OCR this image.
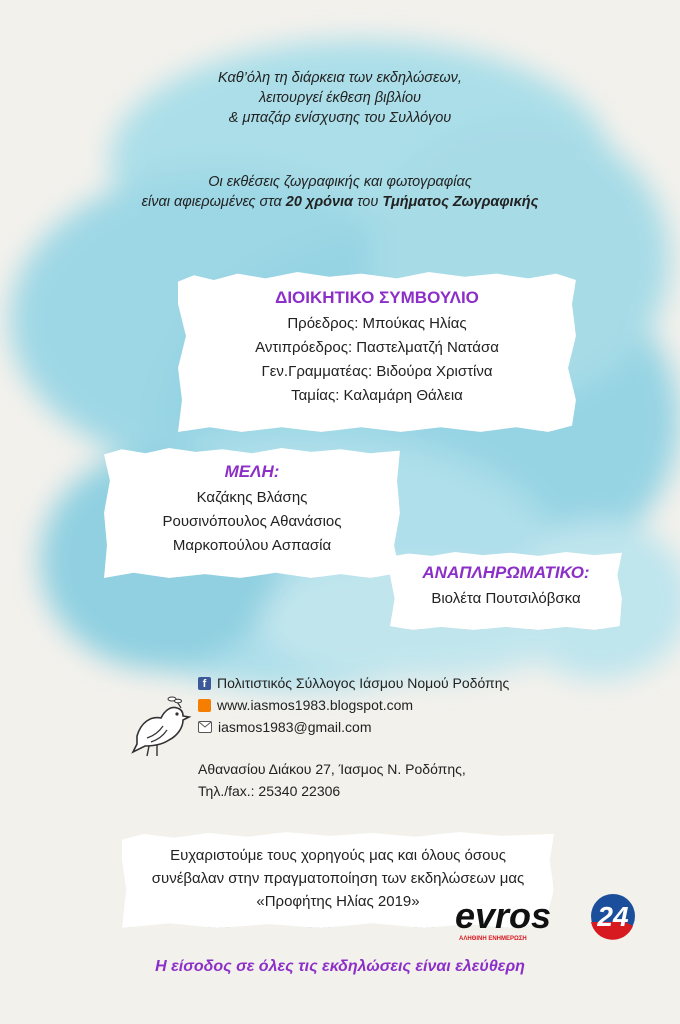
Καθ’όλη τη διάρκεια των εκδηλώσεων,
λειτουργεί έκθεση βιβλίου
& μπαζάρ ενίσχυσης του Συλλόγου
Οι εκθέσεις ζωγραφικής και φωτογραφίας
είναι αφιερωμένες στα 20 χρόνια του Τμήματος Ζωγραφικής
ΔΙΟΙΚΗΤΙΚΟ ΣΥΜΒΟΥΛΙΟ
Πρόεδρος: Μπούκας Ηλίας
Αντιπρόεδρος: Παστελματζή Νατάσα
Γεν.Γραμματέας: Βιδούρα Χριστίνα
Ταμίας: Καλαμάρη Θάλεια
ΜΕΛΗ:
Καζάκης Βλάσης
Ρουσινόπουλος Αθανάσιος
Μαρκοπούλου Ασπασία
ΑΝΑΠΛΗΡΩΜΑΤΙΚΟ:
Βιολέτα Πουτσιλόβσκα
f Πολιτιστικός Σύλλογος Ιάσμου Νομού Ροδόπης
www.iasmos1983.blogspot.com
iasmos1983@gmail.com
Αθανασίου Διάκου 27, Ίασμος Ν. Ροδόπης,
Τηλ./fax.: 25340 22306
Ευχαριστούμε τους χορηγούς μας και όλους όσους
συνέβαλαν στην πραγματοποίηση των εκδηλώσεων μας
«Προφήτης Ηλίας 2019» evros 24
ΑΛΗΘΙΝΗ ΕΝΗΜΕΡΩΣΗ
Η είσοδος σε όλες τις εκδηλώσεις είναι ελεύθερη
